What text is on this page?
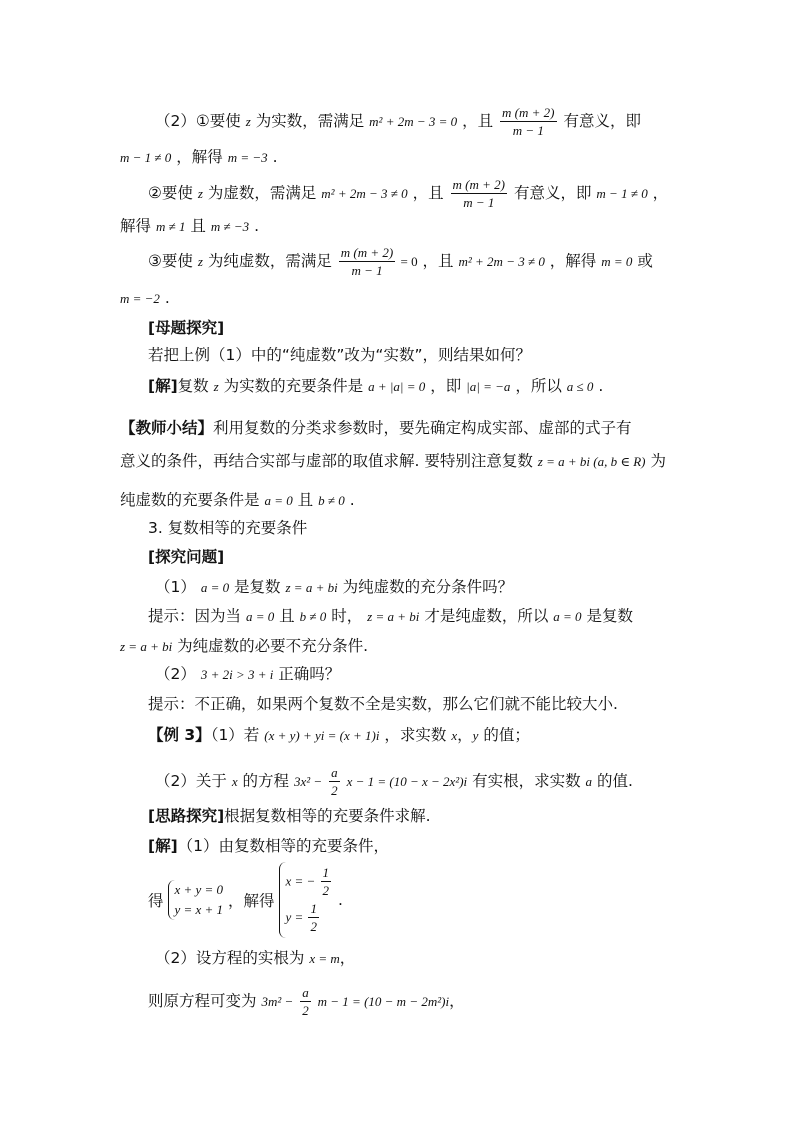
（2）①要使 z 为实数，需满足 m² + 2m − 3 = 0 ，且 $\frac{m (m + 2)}{m - 1}$ 有意义，即
m − 1 ≠ 0 ，解得 m = −3 .
②要使 z 为虚数，需满足 m² + 2m − 3 ≠ 0 ，且 $\frac{m (m + 2)}{m - 1}$ 有意义，即 m − 1 ≠ 0 ，
解得 m ≠ 1 且 m ≠ −3 .
③要使 z 为纯虚数，需满足 $\frac{m (m + 2)}{m - 1} = 0$ ，且 m² + 2m − 3 ≠ 0 ，解得 m = 0 或
m = −2 .
[母题探究]
若把上例（1）中的“纯虚数”改为“实数”，则结果如何？
[解]复数 z 为实数的充要条件是 a + |a| = 0 ，即 |a| = −a ，所以 a ≤ 0 .
【教师小结】利用复数的分类求参数时，要先确定构成实部、虚部的式子有
意义的条件，再结合实部与虚部的取值求解. 要特别注意复数 z = a + bi (a, b ∈ R) 为
纯虚数的充要条件是 a = 0 且 b ≠ 0 .
3. 复数相等的充要条件
[探究问题]
（1） a = 0 是复数 z = a + bi 为纯虚数的充分条件吗？
提示：因为当 a = 0 且 b ≠ 0 时， z = a + bi 才是纯虚数，所以 a = 0 是复数
z = a + bi 为纯虚数的必要不充分条件.
（2） 3 + 2i > 3 + i 正确吗？
提示：不正确，如果两个复数不全是实数，那么它们就不能比较大小.
【例 3】（1）若 (x + y) + yi = (x + 1)i ，求实数 x，y 的值；
（2）关于 x 的方程 $3x^2 - \frac{a}{2}$ x − 1 = (10 − x − 2x²)i 有实根，求实数 a 的值.
[思路探究]根据复数相等的充要条件求解.
[解]（1）由复数相等的充要条件，
得
x + y = 0
y = x + 1 ，解得
x = − $\frac{1}{2}$
$y = \frac{1}{2}$ .
（2）设方程的实根为 x = m，
则原方程可变为 $3m^2 - \frac{a}{2}$ m − 1 = (10 − m − 2m²)i，
